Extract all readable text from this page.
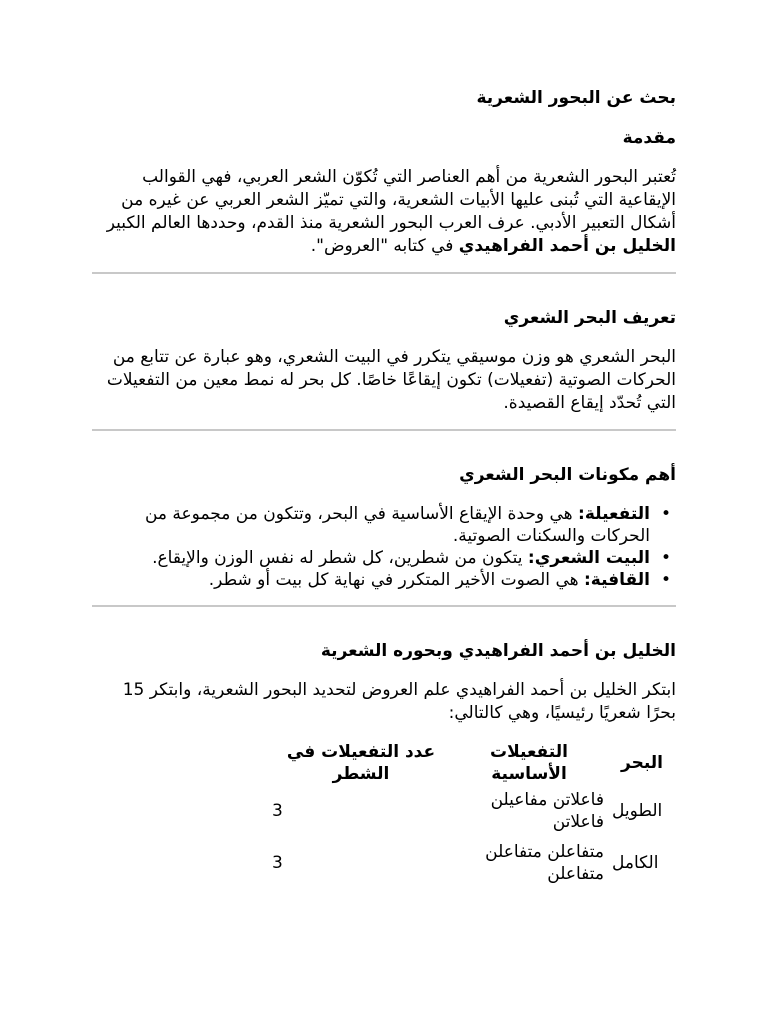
بحث عن البحور الشعرية
مقدمة

تُعتبر البحور الشعرية من أهم العناصر التي تُكوّن الشعر العربي، فهي القوالب الإيقاعية التي تُبنى عليها الأبيات الشعرية، والتي تميّز الشعر العربي عن غيره من أشكال التعبير الأدبي. عرف العرب البحور الشعرية منذ القدم، وحددها العالم الكبير الخليل بن أحمد الفراهيدي في كتابه "العروض".

تعريف البحر الشعري

البحر الشعري هو وزن موسيقي يتكرر في البيت الشعري، وهو عبارة عن تتابع من الحركات الصوتية (تفعيلات) تكون إيقاعًا خاصًا. كل بحر له نمط معين من التفعيلات التي تُحدّد إيقاع القصيدة.

أهم مكونات البحر الشعري
•
التفعيلة: هي وحدة الإيقاع الأساسية في البحر، وتتكون من مجموعة من الحركات والسكنات الصوتية.
•
البيت الشعري: يتكون من شطرين، كل شطر له نفس الوزن والإيقاع.
•
القافية: هي الصوت الأخير المتكرر في نهاية كل بيت أو شطر.
الخليل بن أحمد الفراهيدي وبحوره الشعرية

ابتكر الخليل بن أحمد الفراهيدي علم العروض لتحديد البحور الشعرية، وابتكر 15 بحرًا شعريًا رئيسيًا، وهي كالتالي:

البحر	التفعيلات الأساسية	عدد التفعيلات في الشطر
الطويل	فاعلاتن مفاعيلن فاعلاتن	3
الكامل	متفاعلن متفاعلن متفاعلن	3
